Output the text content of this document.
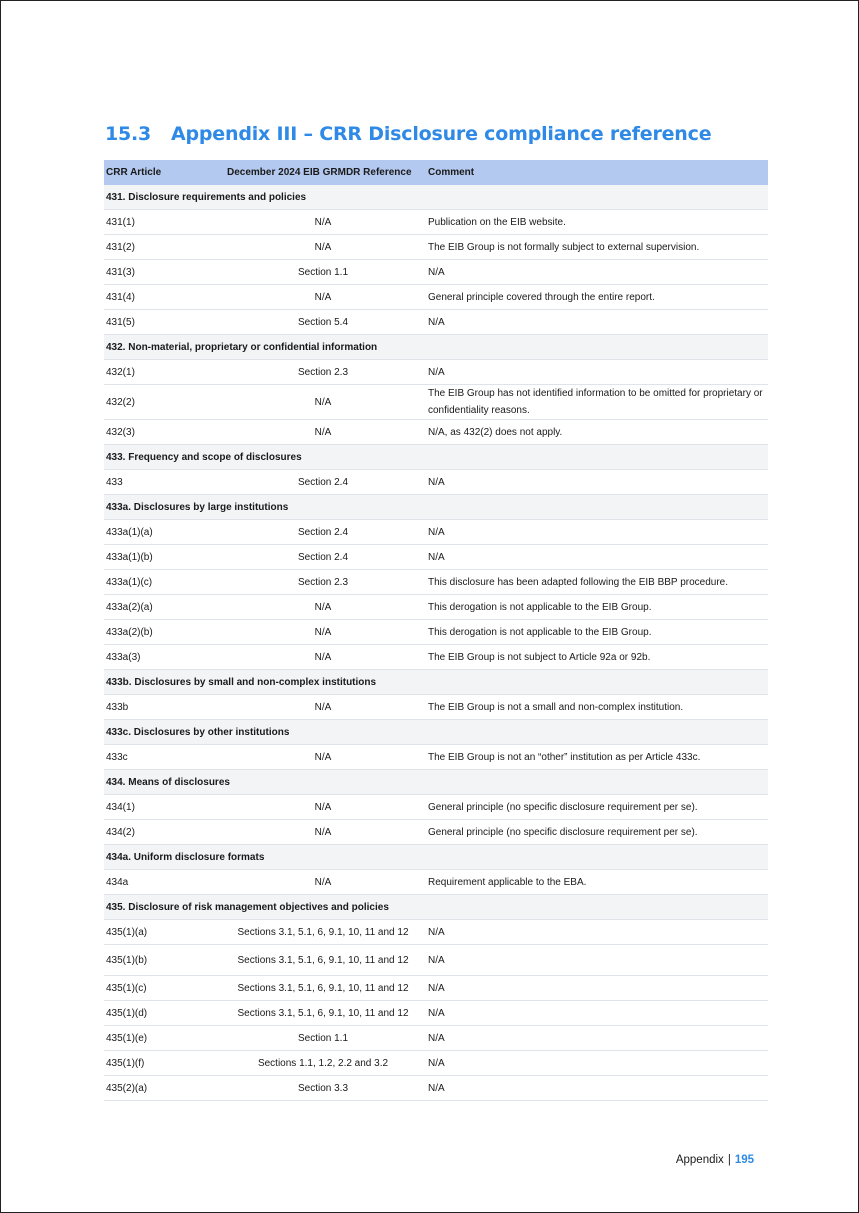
15.3 Appendix III – CRR Disclosure compliance reference
CRR Article	December 2024 EIB GRMDR Reference	Comment
431. Disclosure requirements and policies		
431(1)	N/A	Publication on the EIB website.
431(2)	N/A	The EIB Group is not formally subject to external supervision.
431(3)	Section 1.1	N/A
431(4)	N/A	General principle covered through the entire report.
431(5)	Section 5.4	N/A
432. Non-material, proprietary or confidential information		
432(1)	Section 2.3	N/A
432(2)	N/A	The EIB Group has not identified information to be omitted for proprietary or confidentiality reasons.
432(3)	N/A	N/A, as 432(2) does not apply.
433. Frequency and scope of disclosures		
433	Section 2.4	N/A
433a. Disclosures by large institutions		
433a(1)(a)	Section 2.4	N/A
433a(1)(b)	Section 2.4	N/A
433a(1)(c)	Section 2.3	This disclosure has been adapted following the EIB BBP procedure.
433a(2)(a)	N/A	This derogation is not applicable to the EIB Group.
433a(2)(b)	N/A	This derogation is not applicable to the EIB Group.
433a(3)	N/A	The EIB Group is not subject to Article 92a or 92b.
433b. Disclosures by small and non-complex institutions		
433b	N/A	The EIB Group is not a small and non-complex institution.
433c. Disclosures by other institutions		
433c	N/A	The EIB Group is not an “other” institution as per Article 433c.
434. Means of disclosures		
434(1)	N/A	General principle (no specific disclosure requirement per se).
434(2)	N/A	General principle (no specific disclosure requirement per se).
434a. Uniform disclosure formats		
434a	N/A	Requirement applicable to the EBA.
435. Disclosure of risk management objectives and policies		
435(1)(a)	Sections 3.1, 5.1, 6, 9.1, 10, 11 and 12	N/A
435(1)(b)	Sections 3.1, 5.1, 6, 9.1, 10, 11 and 12	N/A
435(1)(c)	Sections 3.1, 5.1, 6, 9.1, 10, 11 and 12	N/A
435(1)(d)	Sections 3.1, 5.1, 6, 9.1, 10, 11 and 12	N/A
435(1)(e)	Section 1.1	N/A
435(1)(f)	Sections 1.1, 1.2, 2.2 and 3.2	N/A
435(2)(a)	Section 3.3	N/A
Appendix | 195
